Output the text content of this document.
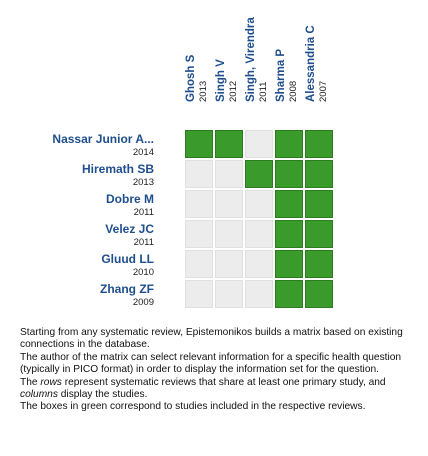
Ghosh S 2013 Singh V 2012 Singh, Virendra 2011 Sharma P 2008 Alessandria C 2007
Nassar Junior A...
2014
Hiremath SB
2013
Dobre M
2011
Velez JC
2011
Gluud LL
2010
Zhang ZF
2009

Starting from any systematic review, Epistemonikos builds a matrix based on existing connections in the database.

The author of the matrix can select relevant information for a specific health question (typically in PICO format) in order to display the information set for the question.

The rows represent systematic reviews that share at least one primary study, and columns display the studies.

The boxes in green correspond to studies included in the respective reviews.
